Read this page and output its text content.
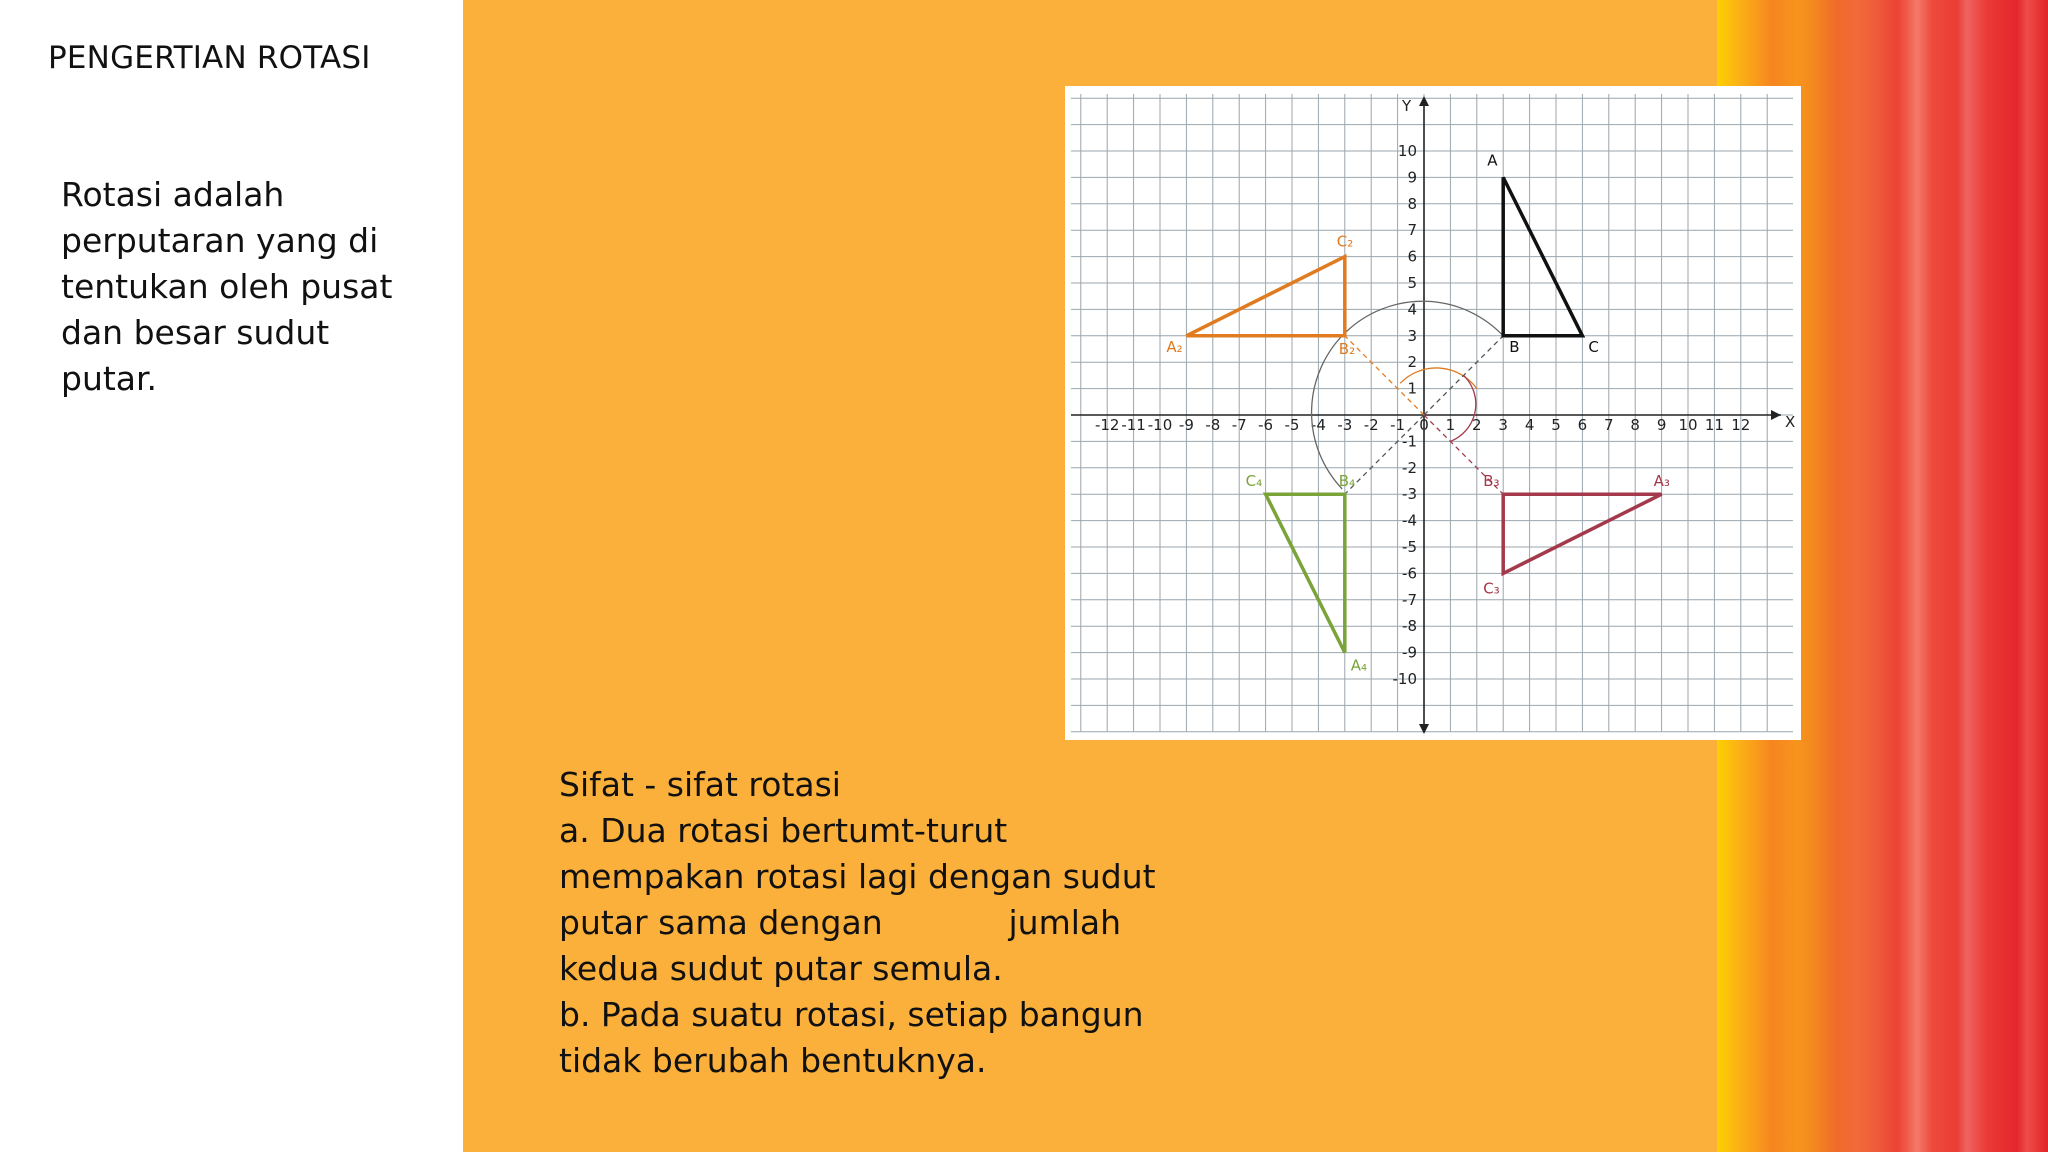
PENGERTIAN ROTASI
Rotasi adalah perputaran yang di tentukan oleh pusat dan besar sudut putar.
X
Y
-12 -11 -10 -9 -8 -7 -6 -5 -4 -3 -2 -1 0 1 2 3 4 5 6 7 8 9 10 11 12
10
9
8
7
6
5
4
3
2
1
-1
-2
-3
-4
-5
-6
-7
-8
-9
-10
A
B	C
A₂	B₂
C₂
A₃
B₃
C₃
A₄
B₄
C₄
Sifat - sifat rotasi
a. Dua rotasi bertumt-turut
mempakan rotasi lagi dengan sudut
putar sama dengan            jumlah
kedua sudut putar semula.
b. Pada suatu rotasi, setiap bangun
tidak berubah bentuknya.
